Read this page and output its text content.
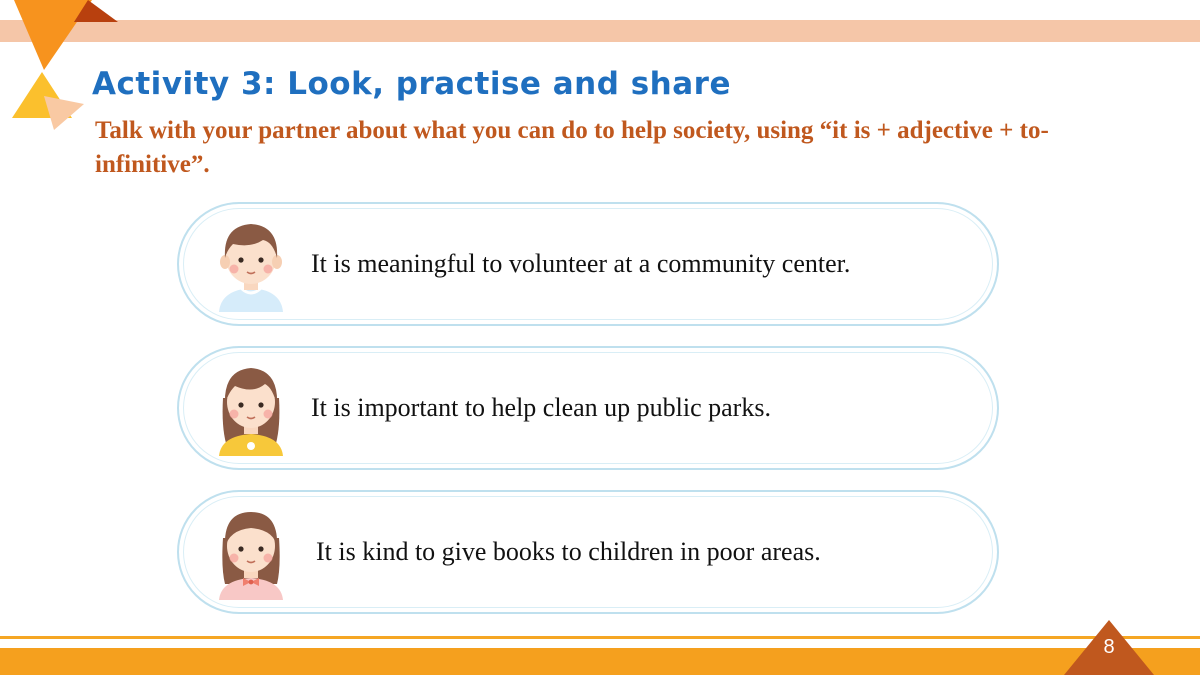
Activity 3: Look, practise and share

Talk with your partner about what you can do to help society, using “it is + adjective + to-infinitive”.

It is meaningful to volunteer at a community center.

It is important to help clean up public parks.

It is kind to give books to children in poor areas.

8
